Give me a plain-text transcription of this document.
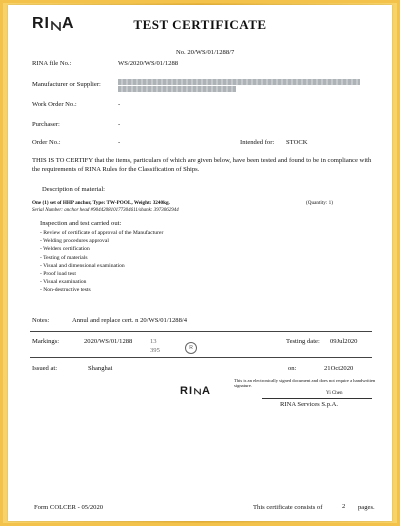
RI A	TEST CERTIFICATE
No. 20/WS/01/1288/7
RINA file No.:	WS/2020/WS/01/1288
Manufacturer or Supplier:

Work Order No.:	-
Purchaser:	-
Order No.:	-	Intended for: STOCK
THIS IS TO CERTIFY that the items, particulars of which are given below, have been tested and found to be in compliance with the requirements of RINA Rules for the Classification of Ships.
Description of material:
One (1) set of HHP anchor, Type: TW-POOL, Weight: 3240kg.	(Quantity: 1)
Serial Number: anchor head #904420810177304611/shank: 3973062944
Inspection and test carried out:
- Review of certificate of approval of the Manufacturer
- Welding procedures approval
- Welders certification
- Testing of materials
- Visual and dimensional examination
- Proof load test
- Visual examination
- Non-destructive tests
Notes:	Annul and replace cert. n 20/WS/01/1288/4
Markings:	2020/WS/01/1288	13
395	R
Testing date: 09Jul2020
Issued at:	Shanghai	on:	21Oct2020
RI A
This is an electronically signed document and does not require a handwritten signature.
Yi Chen
RINA Services S.p.A.
Form COLCER - 05/2020	This certificate consists of	2 pages.
